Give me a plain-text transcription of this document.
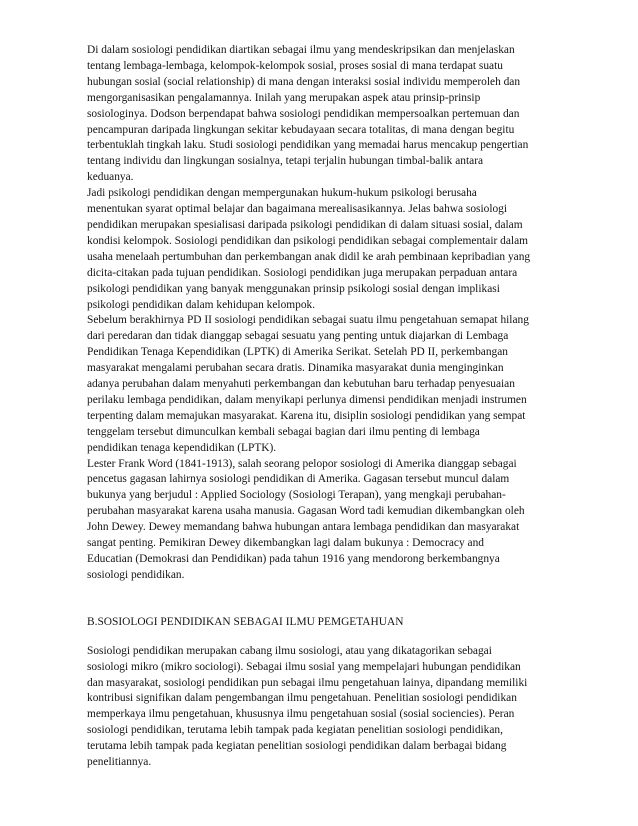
Di dalam sosiologi pendidikan diartikan sebagai ilmu yang mendeskripsikan dan menjelaskan
tentang lembaga-lembaga, kelompok-kelompok sosial, proses sosial di mana terdapat suatu
hubungan sosial (social relationship) di mana dengan interaksi sosial individu memperoleh dan
mengorganisasikan pengalamannya. Inilah yang merupakan aspek atau prinsip-prinsip
sosiologinya. Dodson berpendapat bahwa sosiologi pendidikan mempersoalkan pertemuan dan
pencampuran daripada lingkungan sekitar kebudayaan secara totalitas, di mana dengan begitu
terbentuklah tingkah laku. Studi sosiologi pendidikan yang memadai harus mencakup pengertian
tentang individu dan lingkungan sosialnya, tetapi terjalin hubungan timbal-balik antara
keduanya.
Jadi psikologi pendidikan dengan mempergunakan hukum-hukum psikologi berusaha
menentukan syarat optimal belajar dan bagaimana merealisasikannya. Jelas bahwa sosiologi
pendidikan merupakan spesialisasi daripada psikologi pendidikan di dalam situasi sosial, dalam
kondisi kelompok. Sosiologi pendidikan dan psikologi pendidikan sebagai complementair dalam
usaha menelaah pertumbuhan dan perkembangan anak didil ke arah pembinaan kepribadian yang
dicita-citakan pada tujuan pendidikan. Sosiologi pendidikan juga merupakan perpaduan antara
psikologi pendidikan yang banyak menggunakan prinsip psikologi sosial dengan implikasi
psikologi pendidikan dalam kehidupan kelompok.
Sebelum berakhirnya PD II sosiologi pendidikan sebagai suatu ilmu pengetahuan semapat hilang
dari peredaran dan tidak dianggap sebagai sesuatu yang penting untuk diajarkan di Lembaga
Pendidikan Tenaga Kependidikan (LPTK) di Amerika Serikat. Setelah PD II, perkembangan
masyarakat mengalami perubahan secara dratis. Dinamika masyarakat dunia menginginkan
adanya perubahan dalam menyahuti perkembangan dan kebutuhan baru terhadap penyesuaian
perilaku lembaga pendidikan, dalam menyikapi perlunya dimensi pendidikan menjadi instrumen
terpenting dalam memajukan masyarakat. Karena itu, disiplin sosiologi pendidikan yang sempat
tenggelam tersebut dimunculkan kembali sebagai bagian dari ilmu penting di lembaga
pendidikan tenaga kependidikan (LPTK).
Lester Frank Word (1841-1913), salah seorang pelopor sosiologi di Amerika dianggap sebagai
pencetus gagasan lahirnya sosiologi pendidikan di Amerika. Gagasan tersebut muncul dalam
bukunya yang berjudul : Applied Sociology (Sosiologi Terapan), yang mengkaji perubahan-
perubahan masyarakat karena usaha manusia. Gagasan Word tadi kemudian dikembangkan oleh
John Dewey. Dewey memandang bahwa hubungan antara lembaga pendidikan dan masyarakat
sangat penting. Pemikiran Dewey dikembangkan lagi dalam bukunya : Democracy and
Educatian (Demokrasi dan Pendidikan) pada tahun 1916 yang mendorong berkembangnya
sosiologi pendidikan.
B.SOSIOLOGI PENDIDIKAN SEBAGAI ILMU PEMGETAHUAN
Sosiologi pendidikan merupakan cabang ilmu sosiologi, atau yang dikatagorikan sebagai
sosiologi mikro (mikro sociologi). Sebagai ilmu sosial yang mempelajari hubungan pendidikan
dan masyarakat, sosiologi pendidikan pun sebagai ilmu pengetahuan lainya, dipandang memiliki
kontribusi signifikan dalam pengembangan ilmu pengetahuan. Penelitian sosiologi pendidikan
memperkaya ilmu pengetahuan, khususnya ilmu pengetahuan sosial (sosial sociencies). Peran
sosiologi pendidikan, terutama lebih tampak pada kegiatan penelitian sosiologi pendidikan,
terutama lebih tampak pada kegiatan penelitian sosiologi pendidikan dalam berbagai bidang
penelitiannya.
